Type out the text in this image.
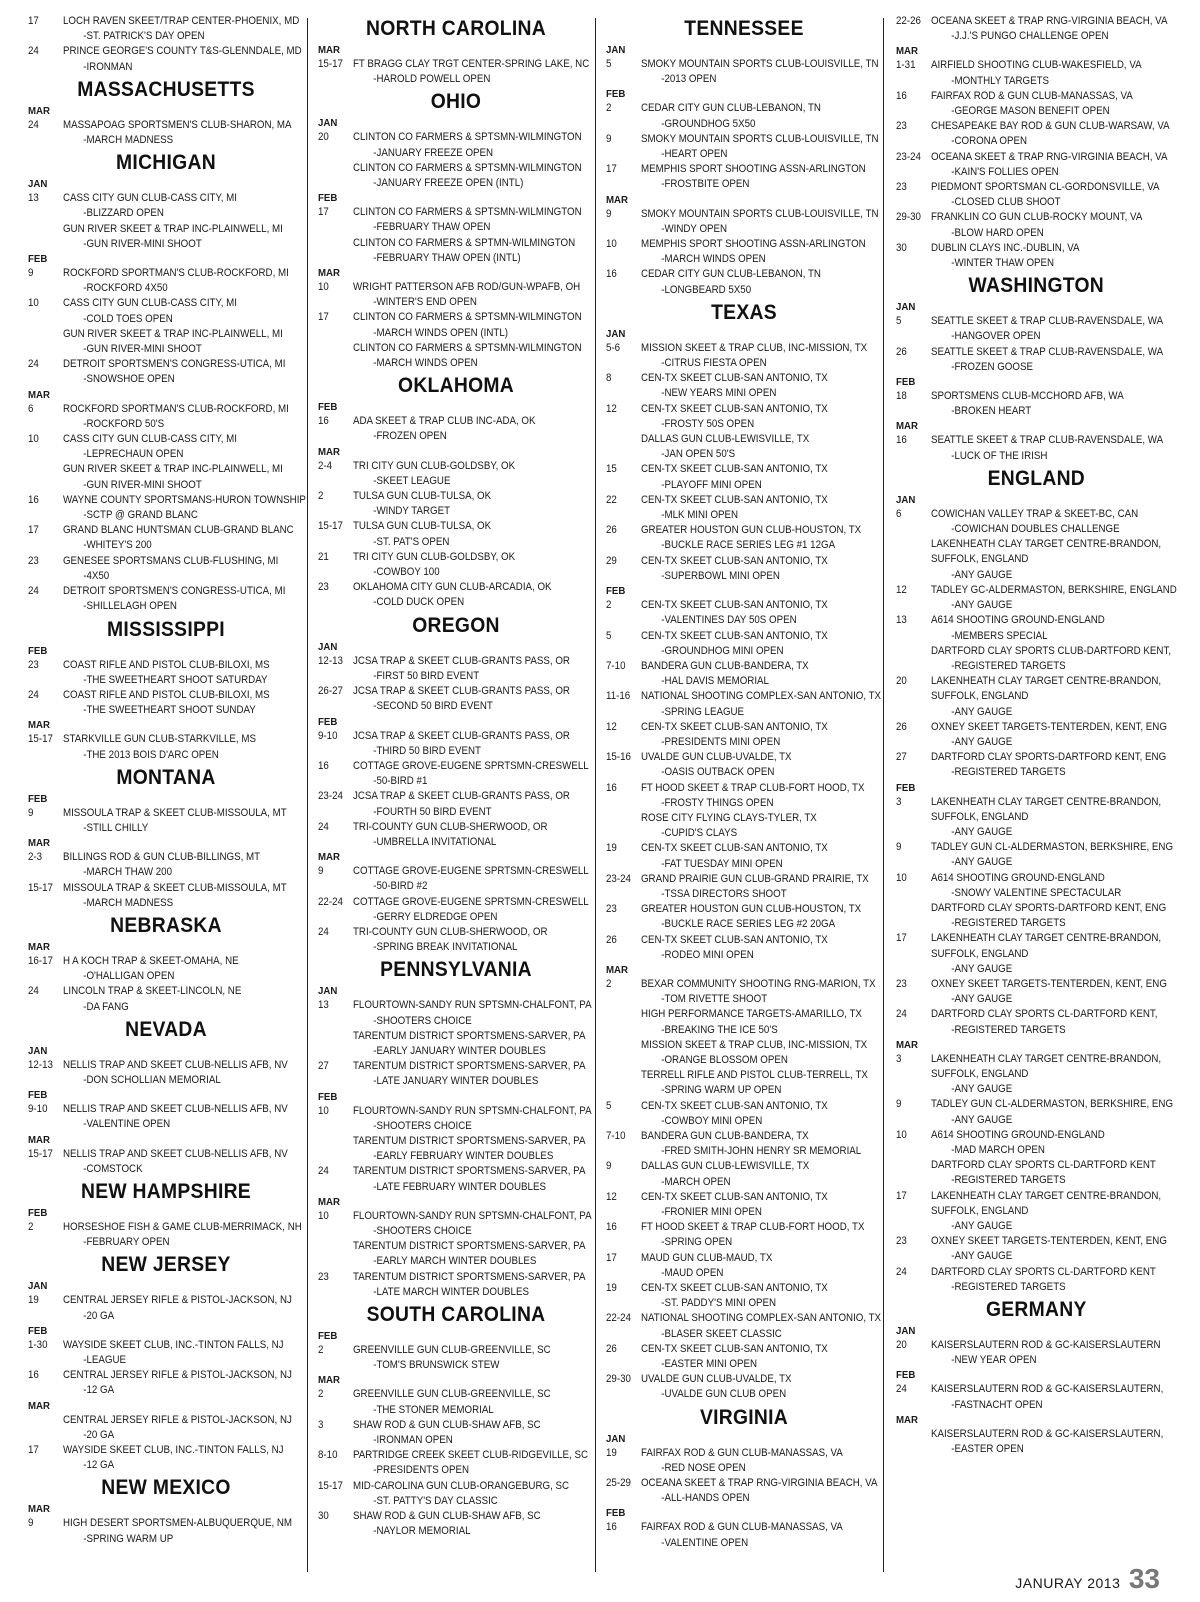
17	LOCH RAVEN SKEET/TRAP CENTER-PHOENIX, MD
-ST. PATRICK'S DAY OPEN
24	PRINCE GEORGE'S COUNTY T&S-GLENNDALE, MD
-IRONMAN
MASSACHUSETTS
MAR
24	MASSAPOAG SPORTSMEN'S CLUB-SHARON, MA
-MARCH MADNESS
MICHIGAN
JAN
13	CASS CITY GUN CLUB-CASS CITY, MI
-BLIZZARD OPEN
GUN RIVER SKEET & TRAP INC-PLAINWELL, MI
-GUN RIVER-MINI SHOOT
FEB
9	ROCKFORD SPORTMAN'S CLUB-ROCKFORD, MI
-ROCKFORD 4X50
10	CASS CITY GUN CLUB-CASS CITY, MI
-COLD TOES OPEN
GUN RIVER SKEET & TRAP INC-PLAINWELL, MI
-GUN RIVER-MINI SHOOT
24	DETROIT SPORTSMEN'S CONGRESS-UTICA, MI
-SNOWSHOE OPEN
MAR
6	ROCKFORD SPORTMAN'S CLUB-ROCKFORD, MI
-ROCKFORD 50'S
10	CASS CITY GUN CLUB-CASS CITY, MI
-LEPRECHAUN OPEN
GUN RIVER SKEET & TRAP INC-PLAINWELL, MI
-GUN RIVER-MINI SHOOT
16	WAYNE COUNTY SPORTSMANS-HURON TOWNSHIP
-SCTP @ GRAND BLANC
17	GRAND BLANC HUNTSMAN CLUB-GRAND BLANC
-WHITEY'S 200
23	GENESEE SPORTSMANS CLUB-FLUSHING, MI
-4X50
24	DETROIT SPORTSMEN'S CONGRESS-UTICA, MI
-SHILLELAGH OPEN
MISSISSIPPI
FEB
23	COAST RIFLE AND PISTOL CLUB-BILOXI, MS
-THE SWEETHEART SHOOT SATURDAY
24	COAST RIFLE AND PISTOL CLUB-BILOXI, MS
-THE SWEETHEART SHOOT SUNDAY
MAR
15-17 STARKVILLE GUN CLUB-STARKVILLE, MS
-THE 2013 BOIS D'ARC OPEN
MONTANA
FEB
9	MISSOULA TRAP & SKEET CLUB-MISSOULA, MT
-STILL CHILLY
MAR
2-3	BILLINGS ROD & GUN CLUB-BILLINGS, MT
-MARCH THAW 200
15-17 MISSOULA TRAP & SKEET CLUB-MISSOULA, MT
-MARCH MADNESS
NEBRASKA
MAR
16-17 H A KOCH TRAP & SKEET-OMAHA, NE
-O'HALLIGAN OPEN
24	LINCOLN TRAP & SKEET-LINCOLN, NE
-DA FANG
NEVADA
JAN
12-13 NELLIS TRAP AND SKEET CLUB-NELLIS AFB, NV
-DON SCHOLLIAN MEMORIAL
FEB
9-10	NELLIS TRAP AND SKEET CLUB-NELLIS AFB, NV
-VALENTINE OPEN
MAR
15-17 NELLIS TRAP AND SKEET CLUB-NELLIS AFB, NV
-COMSTOCK
NEW HAMPSHIRE
FEB
2	HORSESHOE FISH & GAME CLUB-MERRIMACK, NH
-FEBRUARY OPEN
NEW JERSEY
JAN
19	CENTRAL JERSEY RIFLE & PISTOL-JACKSON, NJ
-20 GA
FEB
1-30	WAYSIDE SKEET CLUB, INC.-TINTON FALLS, NJ
-LEAGUE
16	CENTRAL JERSEY RIFLE & PISTOL-JACKSON, NJ
-12 GA
MAR
CENTRAL JERSEY RIFLE & PISTOL-JACKSON, NJ
-20 GA
17	WAYSIDE SKEET CLUB, INC.-TINTON FALLS, NJ
-12 GA
NEW MEXICO
MAR
9	HIGH DESERT SPORTSMEN-ALBUQUERQUE, NM
-SPRING WARM UP
NORTH CAROLINA
MAR
15-17 FT BRAGG CLAY TRGT CENTER-SPRING LAKE, NC
-HAROLD POWELL OPEN
OHIO
JAN
20	CLINTON CO FARMERS & SPTSMN-WILMINGTON
-JANUARY FREEZE OPEN
CLINTON CO FARMERS & SPTSMN-WILMINGTON
-JANUARY FREEZE OPEN (INTL)
FEB
17	CLINTON CO FARMERS & SPTSMN-WILMINGTON
-FEBRUARY THAW OPEN
CLINTON CO FARMERS & SPTMN-WILMINGTON
-FEBRUARY THAW OPEN (INTL)
MAR
10	WRIGHT PATTERSON AFB ROD/GUN-WPAFB, OH
-WINTER'S END OPEN
17	CLINTON CO FARMERS & SPTSMN-WILMINGTON
-MARCH WINDS OPEN (INTL)
CLINTON CO FARMERS & SPTSMN-WILMINGTON
-MARCH WINDS OPEN
OKLAHOMA
FEB
16	ADA SKEET & TRAP CLUB INC-ADA, OK
-FROZEN OPEN
MAR
2-4	TRI CITY GUN CLUB-GOLDSBY, OK
-SKEET LEAGUE
2	TULSA GUN CLUB-TULSA, OK
-WINDY TARGET
15-17 TULSA GUN CLUB-TULSA, OK
-ST. PAT'S OPEN
21	TRI CITY GUN CLUB-GOLDSBY, OK
-COWBOY 100
23	OKLAHOMA CITY GUN CLUB-ARCADIA, OK
-COLD DUCK OPEN
OREGON
JAN
12-13 JCSA TRAP & SKEET CLUB-GRANTS PASS, OR
-FIRST 50 BIRD EVENT
26-27 JCSA TRAP & SKEET CLUB-GRANTS PASS, OR
-SECOND 50 BIRD EVENT
FEB
9-10	JCSA TRAP & SKEET CLUB-GRANTS PASS, OR
-THIRD 50 BIRD EVENT
16	COTTAGE GROVE-EUGENE SPRTSMN-CRESWELL
-50-BIRD #1
23-24 JCSA TRAP & SKEET CLUB-GRANTS PASS, OR
-FOURTH 50 BIRD EVENT
24	TRI-COUNTY GUN CLUB-SHERWOOD, OR
-UMBRELLA INVITATIONAL
MAR
9	COTTAGE GROVE-EUGENE SPRTSMN-CRESWELL
-50-BIRD #2
22-24 COTTAGE GROVE-EUGENE SPRTSMN-CRESWELL
-GERRY ELDREDGE OPEN
24	TRI-COUNTY GUN CLUB-SHERWOOD, OR
-SPRING BREAK INVITATIONAL
PENNSYLVANIA
JAN
13	FLOURTOWN-SANDY RUN SPTSMN-CHALFONT, PA
-SHOOTERS CHOICE
TARENTUM DISTRICT SPORTSMENS-SARVER, PA
-EARLY JANUARY WINTER DOUBLES
27	TARENTUM DISTRICT SPORTSMENS-SARVER, PA
-LATE JANUARY WINTER DOUBLES
FEB
10	FLOURTOWN-SANDY RUN SPTSMN-CHALFONT, PA
-SHOOTERS CHOICE
TARENTUM DISTRICT SPORTSMENS-SARVER, PA
-EARLY FEBRUARY WINTER DOUBLES
24	TARENTUM DISTRICT SPORTSMENS-SARVER, PA
-LATE FEBRUARY WINTER DOUBLES
MAR
10	FLOURTOWN-SANDY RUN SPTSMN-CHALFONT, PA
-SHOOTERS CHOICE
TARENTUM DISTRICT SPORTSMENS-SARVER, PA
-EARLY MARCH WINTER DOUBLES
23	TARENTUM DISTRICT SPORTSMENS-SARVER, PA
-LATE MARCH WINTER DOUBLES
SOUTH CAROLINA
FEB
2	GREENVILLE GUN CLUB-GREENVILLE, SC
-TOM'S BRUNSWICK STEW
MAR
2	GREENVILLE GUN CLUB-GREENVILLE, SC
-THE STONER MEMORIAL
3	SHAW ROD & GUN CLUB-SHAW AFB, SC
-IRONMAN OPEN
8-10	PARTRIDGE CREEK SKEET CLUB-RIDGEVILLE, SC
-PRESIDENTS OPEN
15-17 MID-CAROLINA GUN CLUB-ORANGEBURG, SC
-ST. PATTY'S DAY CLASSIC
30	SHAW ROD & GUN CLUB-SHAW AFB, SC
-NAYLOR MEMORIAL
TENNESSEE
JAN
5	SMOKY MOUNTAIN SPORTS CLUB-LOUISVILLE, TN
-2013 OPEN
FEB
2	CEDAR CITY GUN CLUB-LEBANON, TN
-GROUNDHOG 5X50
9	SMOKY MOUNTAIN SPORTS CLUB-LOUISVILLE, TN
-HEART OPEN
17	MEMPHIS SPORT SHOOTING ASSN-ARLINGTON
-FROSTBITE OPEN
MAR
9	SMOKY MOUNTAIN SPORTS CLUB-LOUISVILLE, TN
-WINDY OPEN
10	MEMPHIS SPORT SHOOTING ASSN-ARLINGTON
-MARCH WINDS OPEN
16	CEDAR CITY GUN CLUB-LEBANON, TN
-LONGBEARD 5X50
TEXAS
JAN
5-6	MISSION SKEET & TRAP CLUB, INC-MISSION, TX
-CITRUS FIESTA OPEN
8	CEN-TX SKEET CLUB-SAN ANTONIO, TX
-NEW YEARS MINI OPEN
12	CEN-TX SKEET CLUB-SAN ANTONIO, TX
-FROSTY 50S OPEN
DALLAS GUN CLUB-LEWISVILLE, TX
-JAN OPEN 50'S
15	CEN-TX SKEET CLUB-SAN ANTONIO, TX
-PLAYOFF MINI OPEN
22	CEN-TX SKEET CLUB-SAN ANTONIO, TX
-MLK MINI OPEN
26	GREATER HOUSTON GUN CLUB-HOUSTON, TX
-BUCKLE RACE SERIES LEG #1 12GA
29	CEN-TX SKEET CLUB-SAN ANTONIO, TX
-SUPERBOWL MINI OPEN
FEB
2	CEN-TX SKEET CLUB-SAN ANTONIO, TX
-VALENTINES DAY 50S OPEN
5	CEN-TX SKEET CLUB-SAN ANTONIO, TX
-GROUNDHOG MINI OPEN
7-10	BANDERA GUN CLUB-BANDERA, TX
-HAL DAVIS MEMORIAL
11-16	NATIONAL SHOOTING COMPLEX-SAN ANTONIO, TX
-SPRING LEAGUE
12	CEN-TX SKEET CLUB-SAN ANTONIO, TX
-PRESIDENTS MINI OPEN
15-16 UVALDE GUN CLUB-UVALDE, TX
-OASIS OUTBACK OPEN
16	FT HOOD SKEET & TRAP CLUB-FORT HOOD, TX
-FROSTY THINGS OPEN
ROSE CITY FLYING CLAYS-TYLER, TX
-CUPID'S CLAYS
19	CEN-TX SKEET CLUB-SAN ANTONIO, TX
-FAT TUESDAY MINI OPEN
23-24 GRAND PRAIRIE GUN CLUB-GRAND PRAIRIE, TX
-TSSA DIRECTORS SHOOT
23	GREATER HOUSTON GUN CLUB-HOUSTON, TX
-BUCKLE RACE SERIES LEG #2 20GA
26	CEN-TX SKEET CLUB-SAN ANTONIO, TX
-RODEO MINI OPEN
MAR
2	BEXAR COMMUNITY SHOOTING RNG-MARION, TX
-TOM RIVETTE SHOOT
HIGH PERFORMANCE TARGETS-AMARILLO, TX
-BREAKING THE ICE 50'S
MISSION SKEET & TRAP CLUB, INC-MISSION, TX
-ORANGE BLOSSOM OPEN
TERRELL RIFLE AND PISTOL CLUB-TERRELL, TX
-SPRING WARM UP OPEN
5	CEN-TX SKEET CLUB-SAN ANTONIO, TX
-COWBOY MINI OPEN
7-10	BANDERA GUN CLUB-BANDERA, TX
-FRED SMITH-JOHN HENRY SR MEMORIAL
9	DALLAS GUN CLUB-LEWISVILLE, TX
-MARCH OPEN
12	CEN-TX SKEET CLUB-SAN ANTONIO, TX
-FRONIER MINI OPEN
16	FT HOOD SKEET & TRAP CLUB-FORT HOOD, TX
-SPRING OPEN
17	MAUD GUN CLUB-MAUD, TX
-MAUD OPEN
19	CEN-TX SKEET CLUB-SAN ANTONIO, TX
-ST. PADDY'S MINI OPEN
22-24 NATIONAL SHOOTING COMPLEX-SAN ANTONIO, TX
-BLASER SKEET CLASSIC
26	CEN-TX SKEET CLUB-SAN ANTONIO, TX
-EASTER MINI OPEN
29-30 UVALDE GUN CLUB-UVALDE, TX
-UVALDE GUN CLUB OPEN
VIRGINIA
JAN
19	FAIRFAX ROD & GUN CLUB-MANASSAS, VA
-RED NOSE OPEN
25-29 OCEANA SKEET & TRAP RNG-VIRGINIA BEACH, VA
-ALL-HANDS OPEN
FEB
16	FAIRFAX ROD & GUN CLUB-MANASSAS, VA
-VALENTINE OPEN
22-26 OCEANA SKEET & TRAP RNG-VIRGINIA BEACH, VA
-J.J.'S PUNGO CHALLENGE OPEN
MAR
1-31	AIRFIELD SHOOTING CLUB-WAKESFIELD, VA
-MONTHLY TARGETS
16	FAIRFAX ROD & GUN CLUB-MANASSAS, VA
-GEORGE MASON BENEFIT OPEN
23	CHESAPEAKE BAY ROD & GUN CLUB-WARSAW, VA
-CORONA OPEN
23-24 OCEANA SKEET & TRAP RNG-VIRGINIA BEACH, VA
-KAIN'S FOLLIES OPEN
23	PIEDMONT SPORTSMAN CL-GORDONSVILLE, VA
-CLOSED CLUB SHOOT
29-30 FRANKLIN CO GUN CLUB-ROCKY MOUNT, VA
-BLOW HARD OPEN
30	DUBLIN CLAYS INC.-DUBLIN, VA
-WINTER THAW OPEN
WASHINGTON
JAN
5	SEATTLE SKEET & TRAP CLUB-RAVENSDALE, WA
-HANGOVER OPEN
26	SEATTLE SKEET & TRAP CLUB-RAVENSDALE, WA
-FROZEN GOOSE
FEB
18	SPORTSMENS CLUB-MCCHORD AFB, WA
-BROKEN HEART
MAR
16	SEATTLE SKEET & TRAP CLUB-RAVENSDALE, WA
-LUCK OF THE IRISH
ENGLAND
JAN
6	COWICHAN VALLEY TRAP & SKEET-BC, CAN
-COWICHAN DOUBLES CHALLENGE
LAKENHEATH CLAY TARGET CENTRE-BRANDON,
SUFFOLK, ENGLAND
-ANY GAUGE
12	TADLEY GC-ALDERMASTON, BERKSHIRE, ENGLAND
-ANY GAUGE
13	A614 SHOOTING GROUND-ENGLAND
-MEMBERS SPECIAL
DARTFORD CLAY SPORTS CLUB-DARTFORD KENT,
-REGISTERED TARGETS
20	LAKENHEATH CLAY TARGET CENTRE-BRANDON,
SUFFOLK, ENGLAND
-ANY GAUGE
26	OXNEY SKEET TARGETS-TENTERDEN, KENT, ENG
-ANY GAUGE
27	DARTFORD CLAY SPORTS-DARTFORD KENT, ENG
-REGISTERED TARGETS
FEB
3	LAKENHEATH CLAY TARGET CENTRE-BRANDON,
SUFFOLK, ENGLAND
-ANY GAUGE
9	TADLEY GUN CL-ALDERMASTON, BERKSHIRE, ENG
-ANY GAUGE
10	A614 SHOOTING GROUND-ENGLAND
-SNOWY VALENTINE SPECTACULAR
DARTFORD CLAY SPORTS-DARTFORD KENT, ENG
-REGISTERED TARGETS
17	LAKENHEATH CLAY TARGET CENTRE-BRANDON,
SUFFOLK, ENGLAND
-ANY GAUGE
23	OXNEY SKEET TARGETS-TENTERDEN, KENT, ENG
-ANY GAUGE
24	DARTFORD CLAY SPORTS CL-DARTFORD KENT,
-REGISTERED TARGETS
MAR
3	LAKENHEATH CLAY TARGET CENTRE-BRANDON,
SUFFOLK, ENGLAND
-ANY GAUGE
9	TADLEY GUN CL-ALDERMASTON, BERKSHIRE, ENG
-ANY GAUGE
10	A614 SHOOTING GROUND-ENGLAND
-MAD MARCH OPEN
DARTFORD CLAY SPORTS CL-DARTFORD KENT
-REGISTERED TARGETS
17	LAKENHEATH CLAY TARGET CENTRE-BRANDON,
SUFFOLK, ENGLAND
-ANY GAUGE
23	OXNEY SKEET TARGETS-TENTERDEN, KENT, ENG
-ANY GAUGE
24	DARTFORD CLAY SPORTS CL-DARTFORD KENT
-REGISTERED TARGETS
GERMANY
JAN
20	KAISERSLAUTERN ROD & GC-KAISERSLAUTERN
-NEW YEAR OPEN
FEB
24	KAISERSLAUTERN ROD & GC-KAISERSLAUTERN,
-FASTNACHT OPEN
MAR
KAISERSLAUTERN ROD & GC-KAISERSLAUTERN,
-EASTER OPEN
JANURAY 2013 33
